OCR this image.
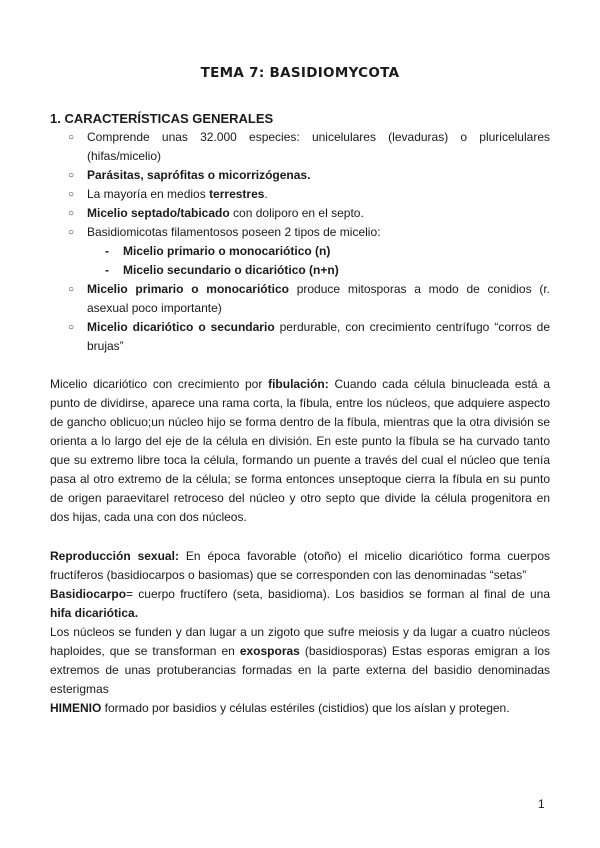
TEMA 7: BASIDIOMYCOTA
1. CARACTERÍSTICAS GENERALES
○ Comprende unas 32.000 especies: unicelulares (levaduras) o pluricelulares (hifas/micelio)
○ Parásitas, saprófitas o micorrizógenas.
○ La mayoría en medios terrestres.
○ Micelio septado/tabicado con doliporo en el septo.
○ Basidiomicotas filamentosos poseen 2 tipos de micelio:
- Micelio primario o monocariótico (n)
- Micelio secundario o dicariótico (n+n)
○ Micelio primario o monocariótico produce mitosporas a modo de conidios (r. asexual poco importante)
○ Micelio dicariótico o secundario perdurable, con crecimiento centrífugo “corros de brujas”

Micelio dicariótico con crecimiento por fibulación: Cuando cada célula binucleada está a punto de dividirse, aparece una rama corta, la fíbula, entre los núcleos, que adquiere aspecto de gancho oblicuo;un núcleo hijo se forma dentro de la fíbula, mientras que la otra división se orienta a lo largo del eje de la célula en división. En este punto la fíbula se ha curvado tanto que su extremo libre toca la célula, formando un puente a través del cual el núcleo que tenía pasa al otro extremo de la célula; se forma entonces unseptoque cierra la fíbula en su punto de origen paraevitarel retroceso del núcleo y otro septo que divide la célula progenitora en dos hijas, cada una con dos núcleos.

Reproducción sexual: En época favorable (otoño) el micelio dicariótico forma cuerpos fructíferos (basidiocarpos o basiomas) que se corresponden con las denominadas “setas”

Basidiocarpo= cuerpo fructífero (seta, basidioma). Los basidios se forman al final de una hifa dicariótica.

Los núcleos se funden y dan lugar a un zigoto que sufre meiosis y da lugar a cuatro núcleos haploides, que se transforman en exosporas (basidiosporas) Estas esporas emigran a los extremos de unas protuberancias formadas en la parte externa del basidio denominadas esterigmas

HIMENIO formado por basidios y células estériles (cistidios) que los aíslan y protegen.

1
